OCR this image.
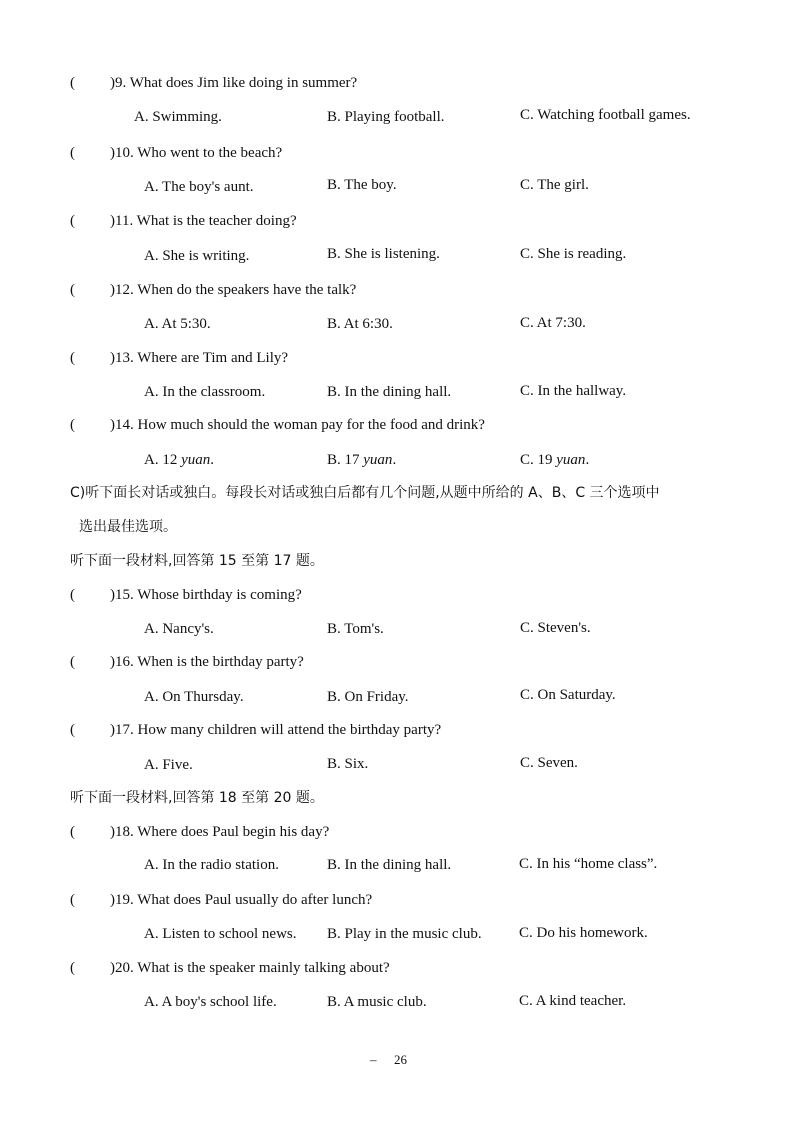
( )9. What does Jim like doing in summer?
A. Swimming.	B. Playing football.	C. Watching football games.
( )10. Who went to the beach?
A. The boy's aunt.	B. The boy.	C. The girl.
( )11. What is the teacher doing?
A. She is writing.	B. She is listening.	C. She is reading.
( )12. When do the speakers have the talk?
A. At 5:30.	B. At 6:30.	C. At 7:30.
( )13. Where are Tim and Lily?
A. In the classroom.	B. In the dining hall.	C. In the hallway.
( )14. How much should the woman pay for the food and drink?
A. 12 yuan.	B. 17 yuan.	C. 19 yuan.
C)听下面长对话或独白。每段长对话或独白后都有几个问题,从题中所给的 A、B、C 三个选项中
选出最佳选项。
听下面一段材料,回答第 15 至第 17 题。
( )15. Whose birthday is coming?
A. Nancy's.	B. Tom's.	C. Steven's.
( )16. When is the birthday party?
A. On Thursday.	B. On Friday.	C. On Saturday.
( )17. How many children will attend the birthday party?
A. Five.	B. Six.	C. Seven.
听下面一段材料,回答第 18 至第 20 题。
( )18. Where does Paul begin his day?
A. In the radio station.	B. In the dining hall.	C. In his “home class”.
( )19. What does Paul usually do after lunch?
A. Listen to school news. B. Play in the music club. C. Do his homework.
( )20. What is the speaker mainly talking about?
A. A boy's school life.	B. A music club.	C. A kind teacher.
– 26
